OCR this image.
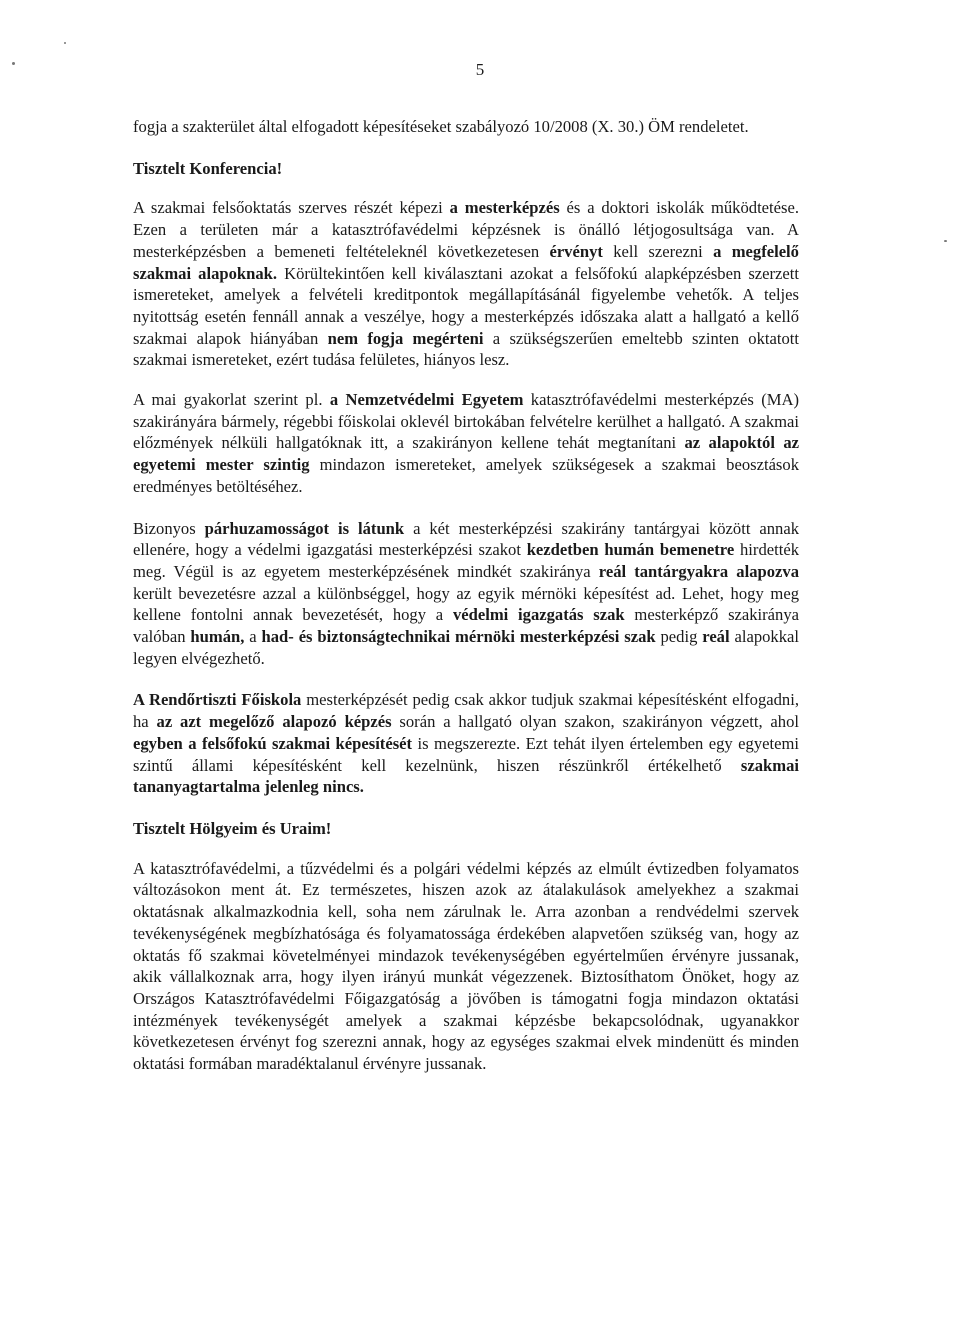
5

fogja a szakterület által elfogadott képesítéseket szabályozó 10/2008 (X. 30.) ÖM rendeletet.

Tisztelt Konferencia!

A szakmai felsőoktatás szerves részét képezi a mesterképzés és a doktori iskolák működtetése. Ezen a területen már a katasztrófavédelmi képzésnek is önálló létjogosultsága van. A mesterképzésben a bemeneti feltételeknél következetesen érvényt kell szerezni a megfelelő szakmai alapoknak. Körültekintően kell kiválasztani azokat a felsőfokú alapképzésben szerzett ismereteket, amelyek a felvételi kreditpontok megállapításánál figyelembe vehetők. A teljes nyitottság esetén fennáll annak a veszélye, hogy a mesterképzés időszaka alatt a hallgató a kellő szakmai alapok hiányában nem fogja megérteni a szükségszerűen emeltebb szinten oktatott szakmai ismereteket, ezért tudása felületes, hiányos lesz.

A mai gyakorlat szerint pl. a Nemzetvédelmi Egyetem katasztrófavédelmi mesterképzés (MA) szakirányára bármely, régebbi főiskolai oklevél birtokában felvételre kerülhet a hallgató. A szakmai előzmények nélküli hallgatóknak itt, a szakirányon kellene tehát megtanítani az alapoktól az egyetemi mester szintig mindazon ismereteket, amelyek szükségesek a szakmai beosztások eredményes betöltéséhez.

Bizonyos párhuzamosságot is látunk a két mesterképzési szakirány tantárgyai között annak ellenére, hogy a védelmi igazgatási mesterképzési szakot kezdetben humán bemenetre hirdették meg. Végül is az egyetem mesterképzésének mindkét szakiránya reál tantárgyakra alapozva került bevezetésre azzal a különbséggel, hogy az egyik mérnöki képesítést ad. Lehet, hogy meg kellene fontolni annak bevezetését, hogy a védelmi igazgatás szak mesterképző szakiránya valóban humán, a had- és biztonságtechnikai mérnöki mesterképzési szak pedig reál alapokkal legyen elvégezhető.

A Rendőrtiszti Főiskola mesterképzését pedig csak akkor tudjuk szakmai képesítésként elfogadni, ha az azt megelőző alapozó képzés során a hallgató olyan szakon, szakirányon végzett, ahol egyben a felsőfokú szakmai képesítését is megszerezte. Ezt tehát ilyen értelemben egy egyetemi szintű állami képesítésként kell kezelnünk, hiszen részünkről értékelhető szakmai tananyagtartalma jelenleg nincs.

Tisztelt Hölgyeim és Uraim!

A katasztrófavédelmi, a tűzvédelmi és a polgári védelmi képzés az elmúlt évtizedben folyamatos változásokon ment át. Ez természetes, hiszen azok az átalakulások amelyekhez a szakmai oktatásnak alkalmazkodnia kell, soha nem zárulnak le. Arra azonban a rendvédelmi szervek tevékenységének megbízhatósága és folyamatossága érdekében alapvetően szükség van, hogy az oktatás fő szakmai követelményei mindazok tevékenységében egyértelműen érvényre jussanak, akik vállalkoznak arra, hogy ilyen irányú munkát végezzenek. Biztosíthatom Önöket, hogy az Országos Katasztrófavédelmi Főigazgatóság a jövőben is támogatni fogja mindazon oktatási intézmények tevékenységét amelyek a szakmai képzésbe bekapcsolódnak, ugyanakkor következetesen érvényt fog szerezni annak, hogy az egységes szakmai elvek mindenütt és minden oktatási formában maradéktalanul érvényre jussanak.
